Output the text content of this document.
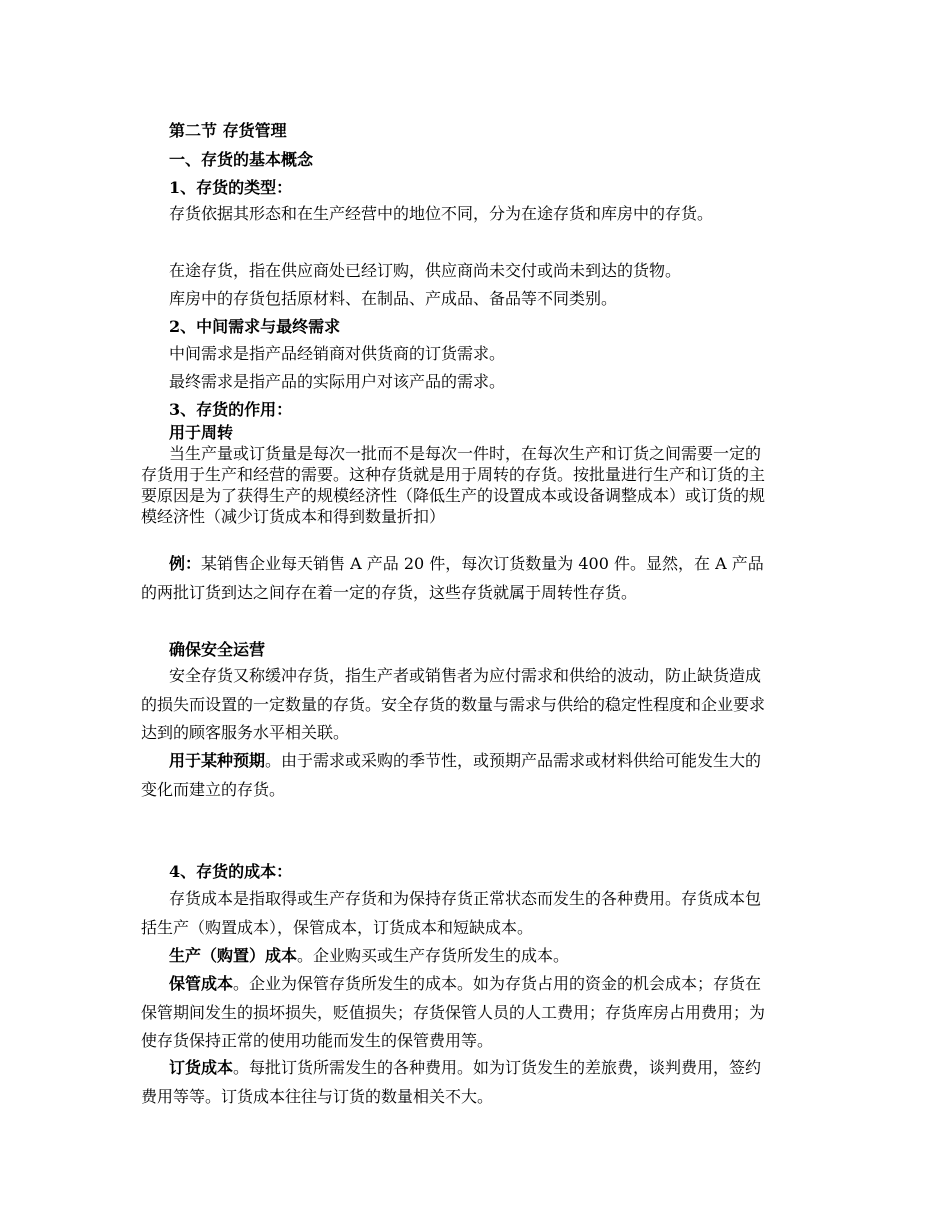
第二节 存货管理
一、存货的基本概念
1、存货的类型：

存货依据其形态和在生产经营中的地位不同，分为在途存货和库房中的存货。

在途存货，指在供应商处已经订购，供应商尚未交付或尚未到达的货物。

库房中的存货包括原材料、在制品、产成品、备品等不同类别。

2、中间需求与最终需求

中间需求是指产品经销商对供货商的订货需求。

最终需求是指产品的实际用户对该产品的需求。

3、存货的作用：
用于周转

当生产量或订货量是每次一批而不是每次一件时，在每次生产和订货之间需要一定的存货用于生产和经营的需要。这种存货就是用于周转的存货。按批量进行生产和订货的主要原因是为了获得生产的规模经济性（降低生产的设置成本或设备调整成本）或订货的规模经济性（减少订货成本和得到数量折扣）

例：某销售企业每天销售 A 产品 20 件，每次订货数量为 400 件。显然，在 A 产品的两批订货到达之间存在着一定的存货，这些存货就属于周转性存货。

确保安全运营

安全存货又称缓冲存货，指生产者或销售者为应付需求和供给的波动，防止缺货造成的损失而设置的一定数量的存货。安全存货的数量与需求与供给的稳定性程度和企业要求达到的顾客服务水平相关联。

用于某种预期。由于需求或采购的季节性，或预期产品需求或材料供给可能发生大的变化而建立的存货。

4、存货的成本：

存货成本是指取得或生产存货和为保持存货正常状态而发生的各种费用。存货成本包括生产（购置成本），保管成本，订货成本和短缺成本。

生产（购置）成本。企业购买或生产存货所发生的成本。

保管成本。企业为保管存货所发生的成本。如为存货占用的资金的机会成本；存货在保管期间发生的损坏损失，贬值损失；存货保管人员的人工费用；存货库房占用费用；为使存货保持正常的使用功能而发生的保管费用等。

订货成本。每批订货所需发生的各种费用。如为订货发生的差旅费，谈判费用，签约费用等等。订货成本往往与订货的数量相关不大。
